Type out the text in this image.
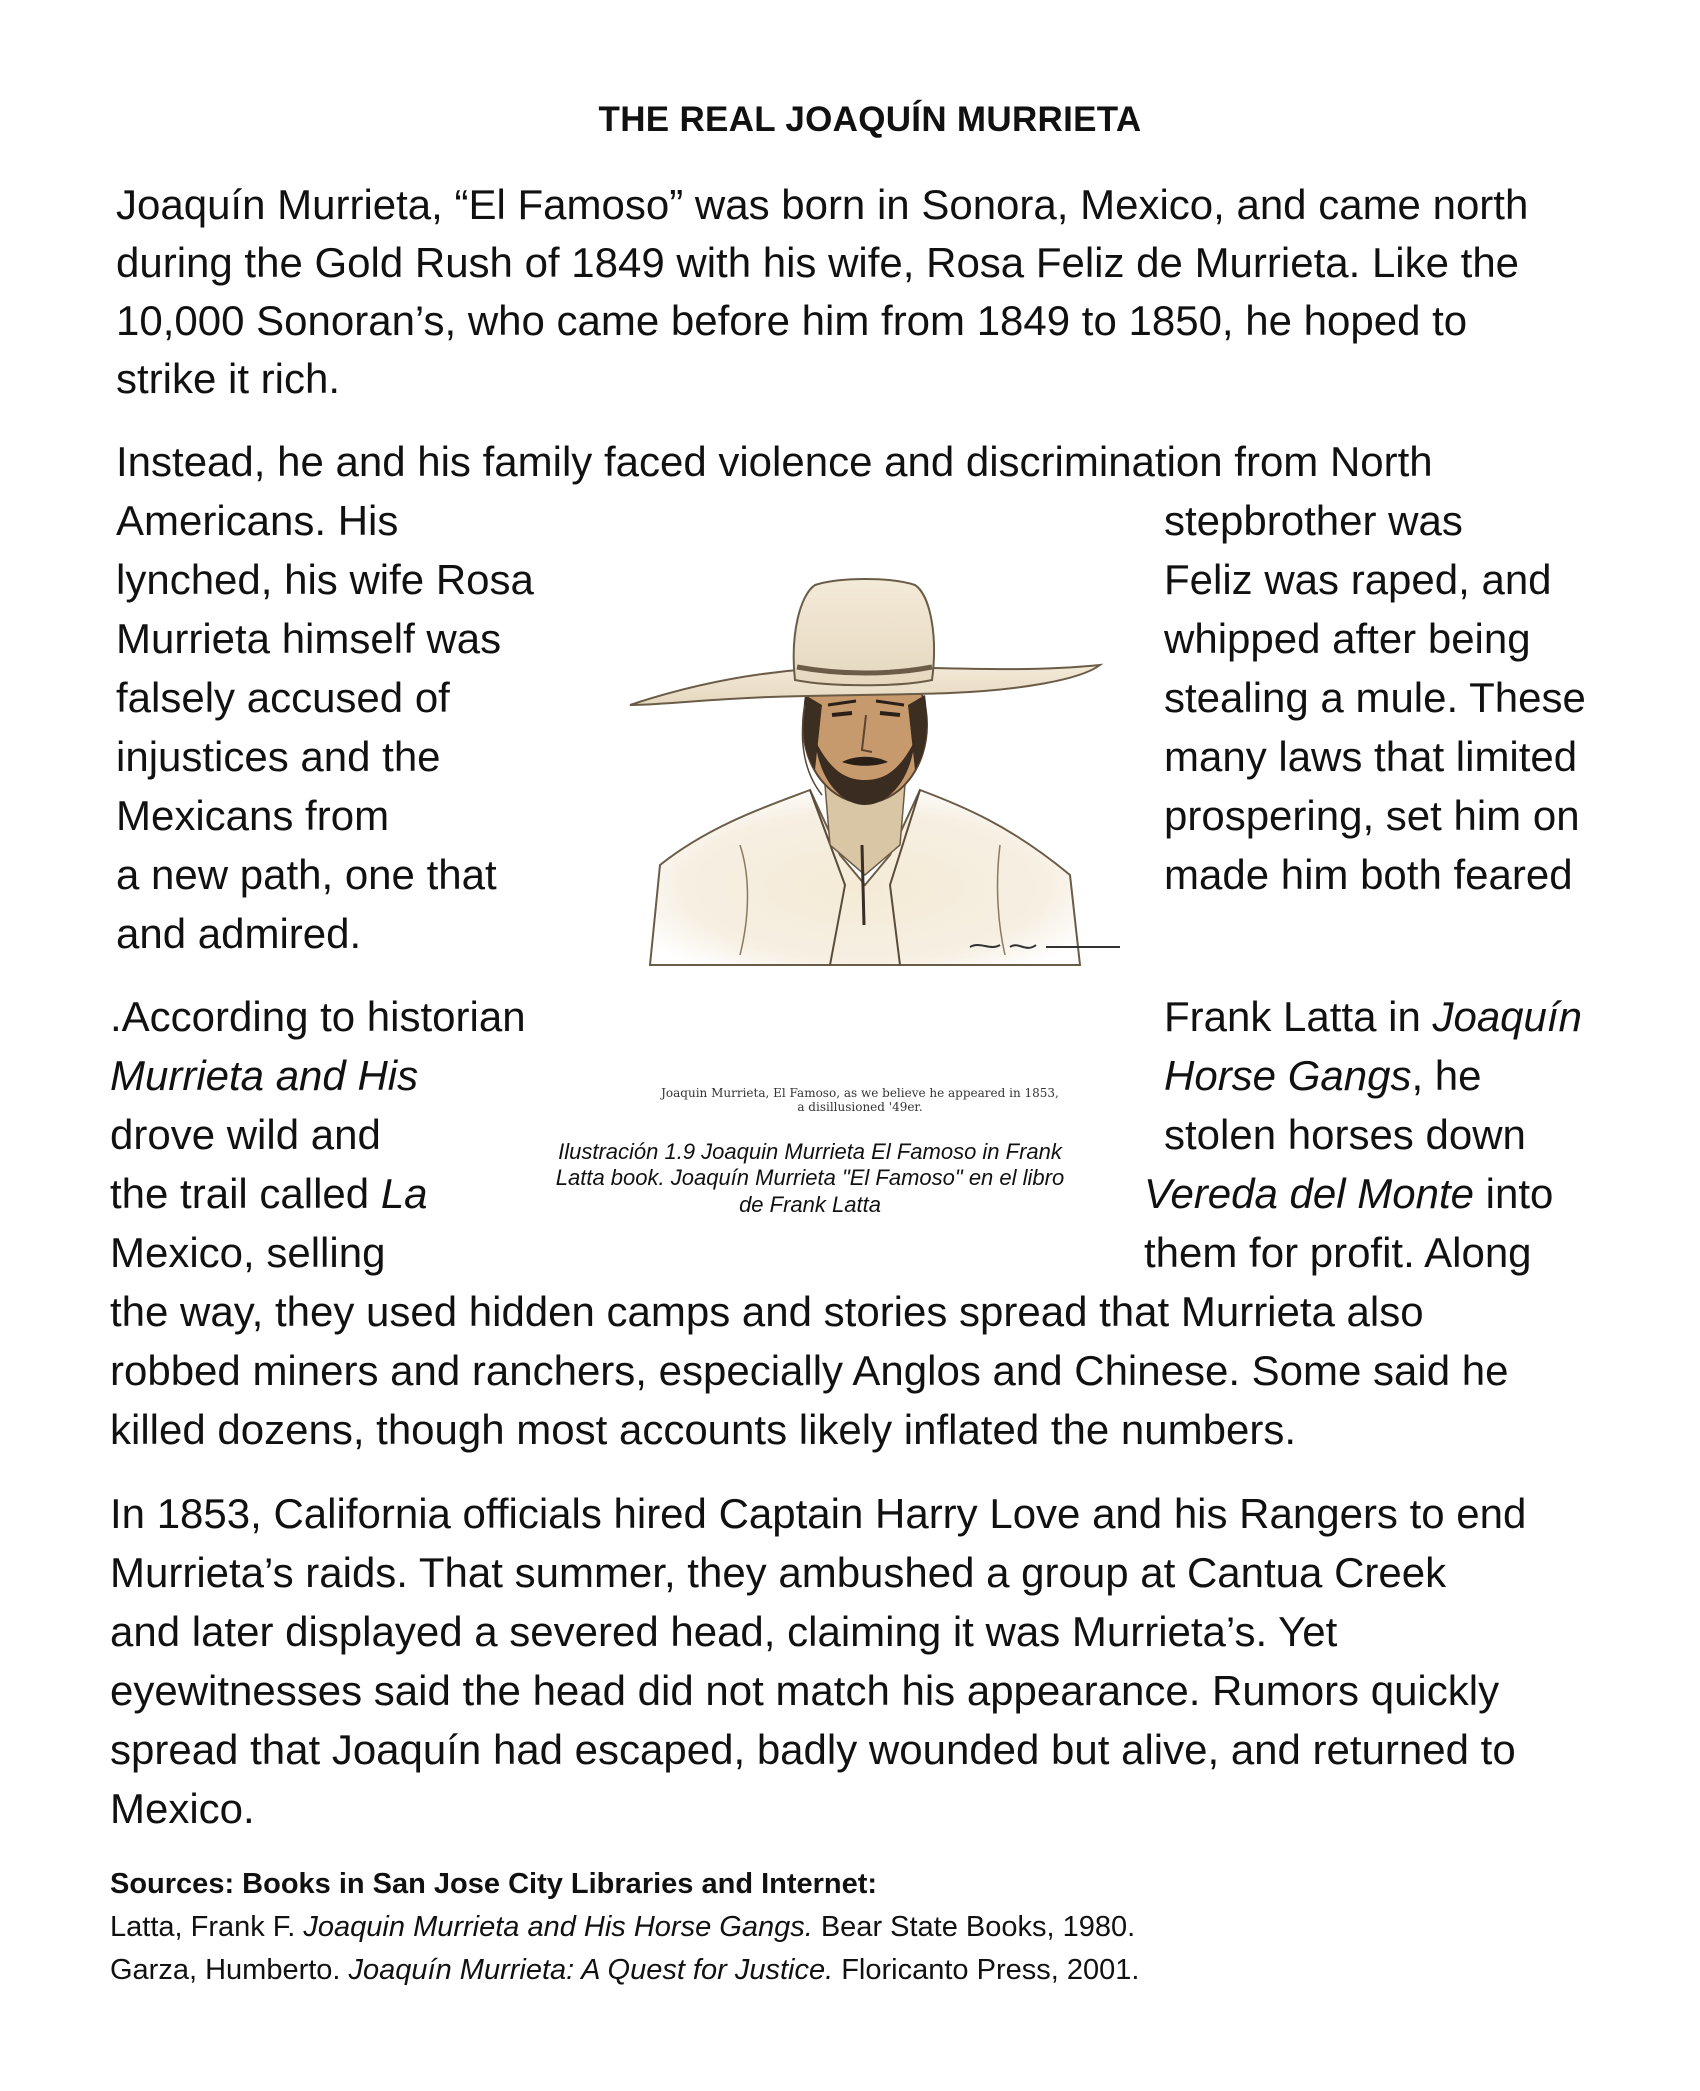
THE REAL JOAQUÍN MURRIETA
Joaquín Murrieta, “El Famoso” was born in Sonora, Mexico, and came north
during the Gold Rush of 1849 with his wife, Rosa Feliz de Murrieta. Like the
10,000 Sonoran’s, who came before him from 1849 to 1850, he hoped to
strike it rich.
Instead, he and his family faced violence and discrimination from North
Americans. His
lynched, his wife Rosa
Murrieta himself was
falsely accused of
injustices and the
Mexicans from
a new path, one that
and admired.
stepbrother was
Feliz was raped, and
whipped after being
stealing a mule. These
many laws that limited
prospering, set him on
made him both feared
Joaquin Murrieta, El Famoso, as we believe he appeared in 1853,
a disillusioned '49er.
Ilustración 1.9 Joaquin Murrieta El Famoso in Frank
Latta book. Joaquín Murrieta "El Famoso" en el libro
de Frank Latta
.According to historian
Murrieta and His
drove wild and
the trail called La
Mexico, selling
Frank Latta in Joaquín
Horse Gangs, he
stolen horses down
Vereda del Monte into
them for profit. Along
the way, they used hidden camps and stories spread that Murrieta also
robbed miners and ranchers, especially Anglos and Chinese. Some said he
killed dozens, though most accounts likely inflated the numbers.
In 1853, California officials hired Captain Harry Love and his Rangers to end
Murrieta’s raids. That summer, they ambushed a group at Cantua Creek
and later displayed a severed head, claiming it was Murrieta’s. Yet
eyewitnesses said the head did not match his appearance. Rumors quickly
spread that Joaquín had escaped, badly wounded but alive, and returned to
Mexico.
Sources: Books in San Jose City Libraries and Internet:
Latta, Frank F. Joaquin Murrieta and His Horse Gangs. Bear State Books, 1980.
Garza, Humberto. Joaquín Murrieta: A Quest for Justice. Floricanto Press, 2001.
